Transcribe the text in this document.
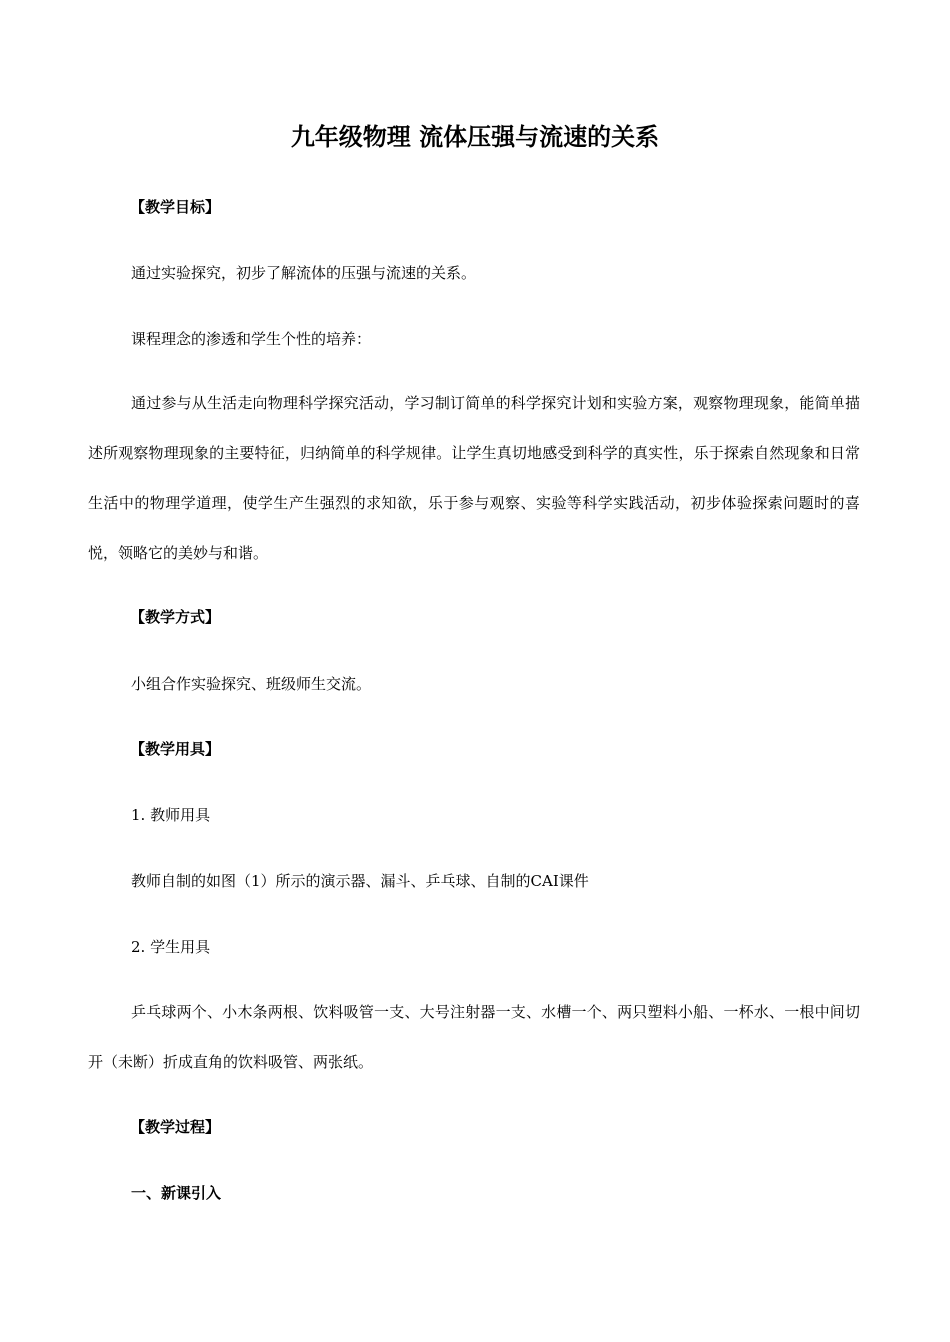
九年级物理 流体压强与流速的关系
【教学目标】
通过实验探究，初步了解流体的压强与流速的关系。
课程理念的渗透和学生个性的培养：

通过参与从生活走向物理科学探究活动，学习制订简单的科学探究计划和实验方案，观察物理现象，能简单描述所观察物理现象的主要特征，归纳简单的科学规律。让学生真切地感受到科学的真实性，乐于探索自然现象和日常生活中的物理学道理，使学生产生强烈的求知欲，乐于参与观察、实验等科学实践活动，初步体验探索问题时的喜悦，领略它的美妙与和谐。

【教学方式】
小组合作实验探究、班级师生交流。
【教学用具】
1. 教师用具
教师自制的如图（1）所示的演示器、漏斗、乒乓球、自制的CAI课件
2. 学生用具

乒乓球两个、小木条两根、饮料吸管一支、大号注射器一支、水槽一个、两只塑料小船、一杯水、一根中间切开（未断）折成直角的饮料吸管、两张纸。

【教学过程】
一、新课引入
